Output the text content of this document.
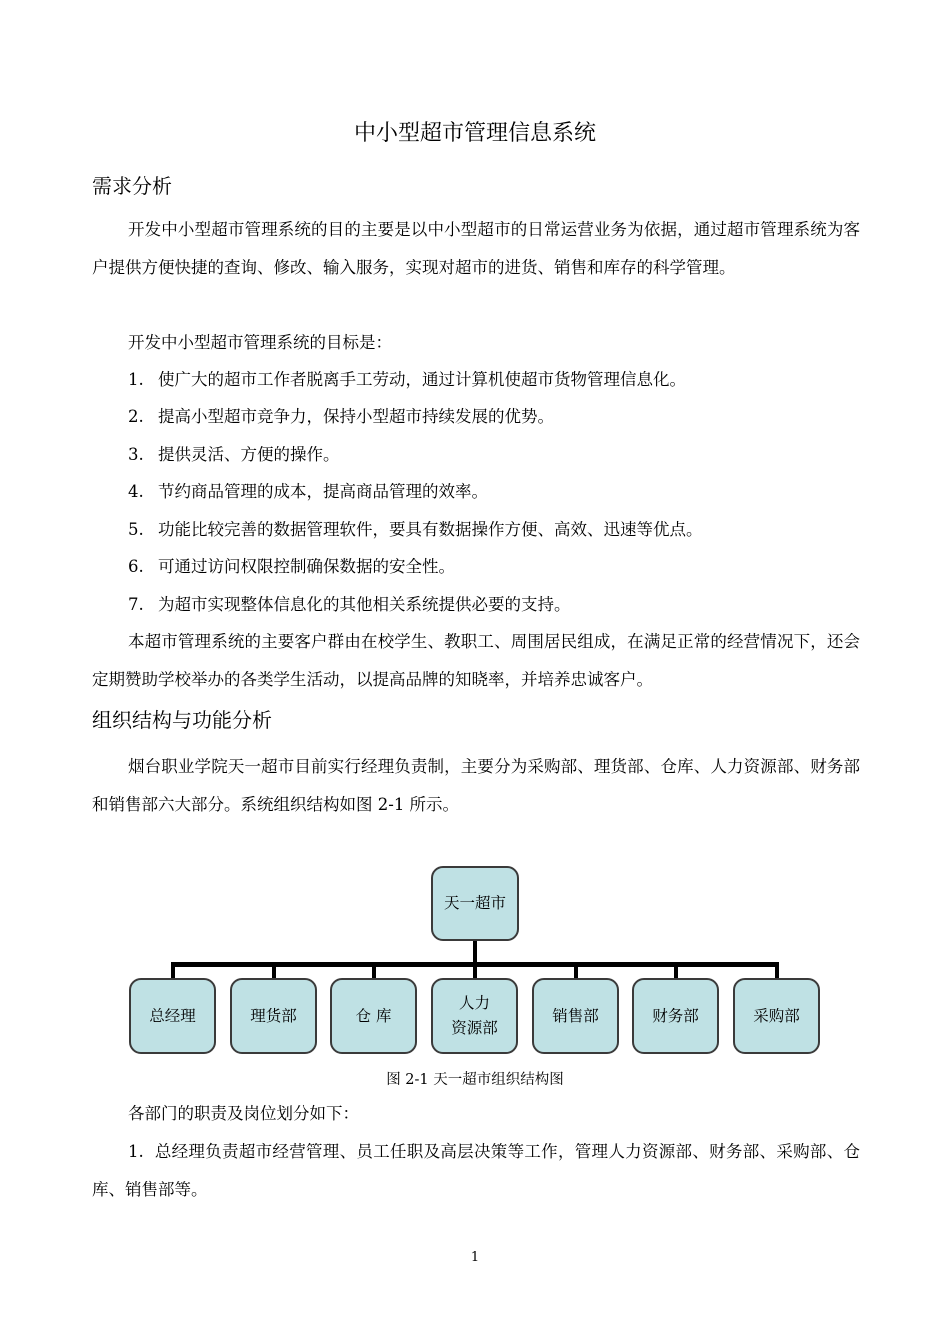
中小型超市管理信息系统
需求分析

开发中小型超市管理系统的目的主要是以中小型超市的日常运营业务为依据，通过超市管理系统为客户提供方便快捷的查询、修改、输入服务，实现对超市的进货、销售和库存的科学管理。

开发中小型超市管理系统的目标是：

1. 使广大的超市工作者脱离手工劳动，通过计算机使超市货物管理信息化。

2. 提高小型超市竞争力，保持小型超市持续发展的优势。

3. 提供灵活、方便的操作。

4. 节约商品管理的成本，提高商品管理的效率。

5. 功能比较完善的数据管理软件，要具有数据操作方便、高效、迅速等优点。

6. 可通过访问权限控制确保数据的安全性。

7. 为超市实现整体信息化的其他相关系统提供必要的支持。

本超市管理系统的主要客户群由在校学生、教职工、周围居民组成，在满足正常的经营情况下，还会定期赞助学校举办的各类学生活动，以提高品牌的知晓率，并培养忠诚客户。

组织结构与功能分析

烟台职业学院天一超市目前实行经理负责制，主要分为采购部、理货部、仓库、人力资源部、财务部和销售部六大部分。系统组织结构如图 2-1 所示。

天一超市
总经理	理货部	仓 库
人力
资源部
销售部	财务部	采购部

图 2-1 天一超市组织结构图

各部门的职责及岗位划分如下：

1. 总经理负责超市经营管理、员工任职及高层决策等工作，管理人力资源部、财务部、采购部、仓库、销售部等。

1
